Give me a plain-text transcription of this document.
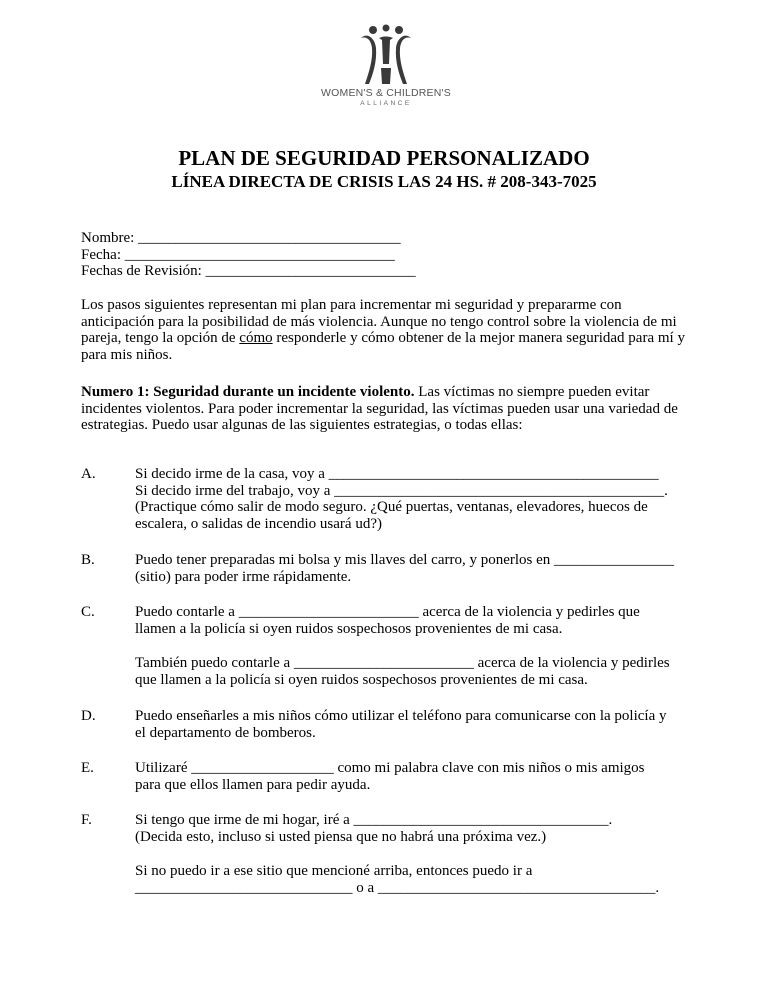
WOMEN'S & CHILDREN'S
ALLIANCE
PLAN DE SEGURIDAD PERSONALIZADO
LÍNEA DIRECTA DE CRISIS LAS 24 HS. # 208-343-7025
Nombre: ___________________________________
Fecha: ____________________________________
Fechas de Revisión: ____________________________
Los pasos siguientes representan mi plan para incrementar mi seguridad y prepararme con anticipación para la posibilidad de más violencia. Aunque no tengo control sobre la violencia de mi pareja, tengo la opción de cómo responderle y cómo obtener de la mejor manera seguridad para mí y para mis niños.
Numero 1: Seguridad durante un incidente violento. Las víctimas no siempre pueden evitar incidentes violentos. Para poder incrementar la seguridad, las víctimas pueden usar una variedad de estrategias. Puedo usar algunas de las siguientes estrategias, o todas ellas:
A.	Si decido irme de la casa, voy a ____________________________________________
Si decido irme del trabajo, voy a ____________________________________________.
(Practique cómo salir de modo seguro. ¿Qué puertas, ventanas, elevadores, huecos de
escalera, o salidas de incendio usará ud?)
B.	Puedo tener preparadas mi bolsa y mis llaves del carro, y ponerlos en ________________
(sitio) para poder irme rápidamente.
C.	Puedo contarle a ________________________ acerca de la violencia y pedirles que
llamen a la policía si oyen ruidos sospechosos provenientes de mi casa.
También puedo contarle a ________________________ acerca de la violencia y pedirles
que llamen a la policía si oyen ruidos sospechosos provenientes de mi casa.
D.	Puedo enseñarles a mis niños cómo utilizar el teléfono para comunicarse con la policía y
el departamento de bomberos.
E.	Utilizaré ___________________ como mi palabra clave con mis niños o mis amigos
para que ellos llamen para pedir ayuda.
F.	Si tengo que irme de mi hogar, iré a __________________________________.
(Decida esto, incluso si usted piensa que no habrá una próxima vez.)
Si no puedo ir a ese sitio que mencioné arriba, entonces puedo ir a
_____________________________ o a _____________________________________.
